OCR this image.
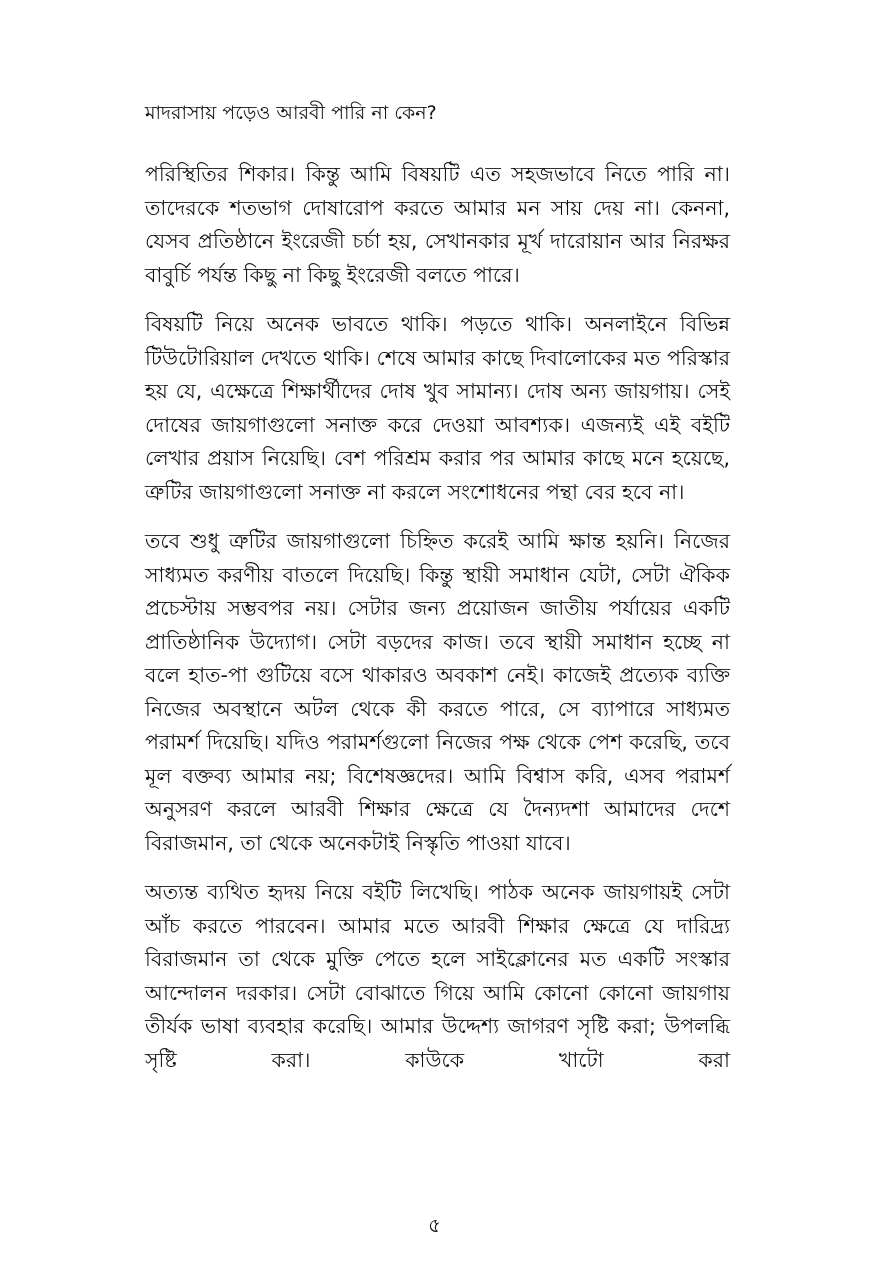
মাদরাসায় পড়েও আরবী পারি না কেন?

পরিস্থিতির শিকার। কিন্তু আমি বিষয়টি এত সহজভাবে নিতে পারি না। তাদেরকে শতভাগ দোষারোপ করতে আমার মন সায় দেয় না। কেননা, যেসব প্রতিষ্ঠানে ইংরেজী চর্চা হয়, সেখানকার মূর্খ দারোয়ান আর নিরক্ষর বাবুর্চি পর্যন্ত কিছু না কিছু ইংরেজী বলতে পারে।

বিষয়টি নিয়ে অনেক ভাবতে থাকি। পড়তে থাকি। অনলাইনে বিভিন্ন টিউটোরিয়াল দেখতে থাকি। শেষে আমার কাছে দিবালোকের মত পরিস্কার হয় যে, এক্ষেত্রে শিক্ষার্থীদের দোষ খুব সামান্য। দোষ অন্য জায়গায়। সেই দোষের জায়গাগুলো সনাক্ত করে দেওয়া আবশ্যক। এজন্যই এই বইটি লেখার প্রয়াস নিয়েছি। বেশ পরিশ্রম করার পর আমার কাছে মনে হয়েছে, ত্রুটির জায়গাগুলো সনাক্ত না করলে সংশোধনের পন্থা বের হবে না।

তবে শুধু ত্রুটির জায়গাগুলো চিহ্নিত করেই আমি ক্ষান্ত হয়নি। নিজের সাধ্যমত করণীয় বাতলে দিয়েছি। কিন্তু স্থায়ী সমাধান যেটা, সেটা ঐকিক প্রচেস্টায় সম্ভবপর নয়। সেটার জন্য প্রয়োজন জাতীয় পর্যায়ের একটি প্রাতিষ্ঠানিক উদ্যোগ। সেটা বড়দের কাজ। তবে স্থায়ী সমাধান হচ্ছে না বলে হাত-পা গুটিয়ে বসে থাকারও অবকাশ নেই। কাজেই প্রত্যেক ব্যক্তি নিজের অবস্থানে অটল থেকে কী করতে পারে, সে ব্যাপারে সাধ্যমত পরামর্শ দিয়েছি। যদিও পরামর্শগুলো নিজের পক্ষ থেকে পেশ করেছি, তবে মূল বক্তব্য আমার নয়; বিশেষজ্ঞদের। আমি বিশ্বাস করি, এসব পরামর্শ অনুসরণ করলে আরবী শিক্ষার ক্ষেত্রে যে দৈন্যদশা আমাদের দেশে বিরাজমান, তা থেকে অনেকটাই নিস্কৃতি পাওয়া যাবে।

অত্যন্ত ব্যথিত হৃদয় নিয়ে বইটি লিখেছি। পাঠক অনেক জায়গায়ই সেটা আঁচ করতে পারবেন। আমার মতে আরবী শিক্ষার ক্ষেত্রে যে দারিদ্র্য বিরাজমান তা থেকে মুক্তি পেতে হলে সাইক্লোনের মত একটি সংস্কার আন্দোলন দরকার। সেটা বোঝাতে গিয়ে আমি কোনো কোনো জায়গায় তীর্যক ভাষা ব্যবহার করেছি। আমার উদ্দেশ্য জাগরণ সৃষ্টি করা; উপলব্ধি সৃষ্টি করা। কাউকে খাটো করা

৫
